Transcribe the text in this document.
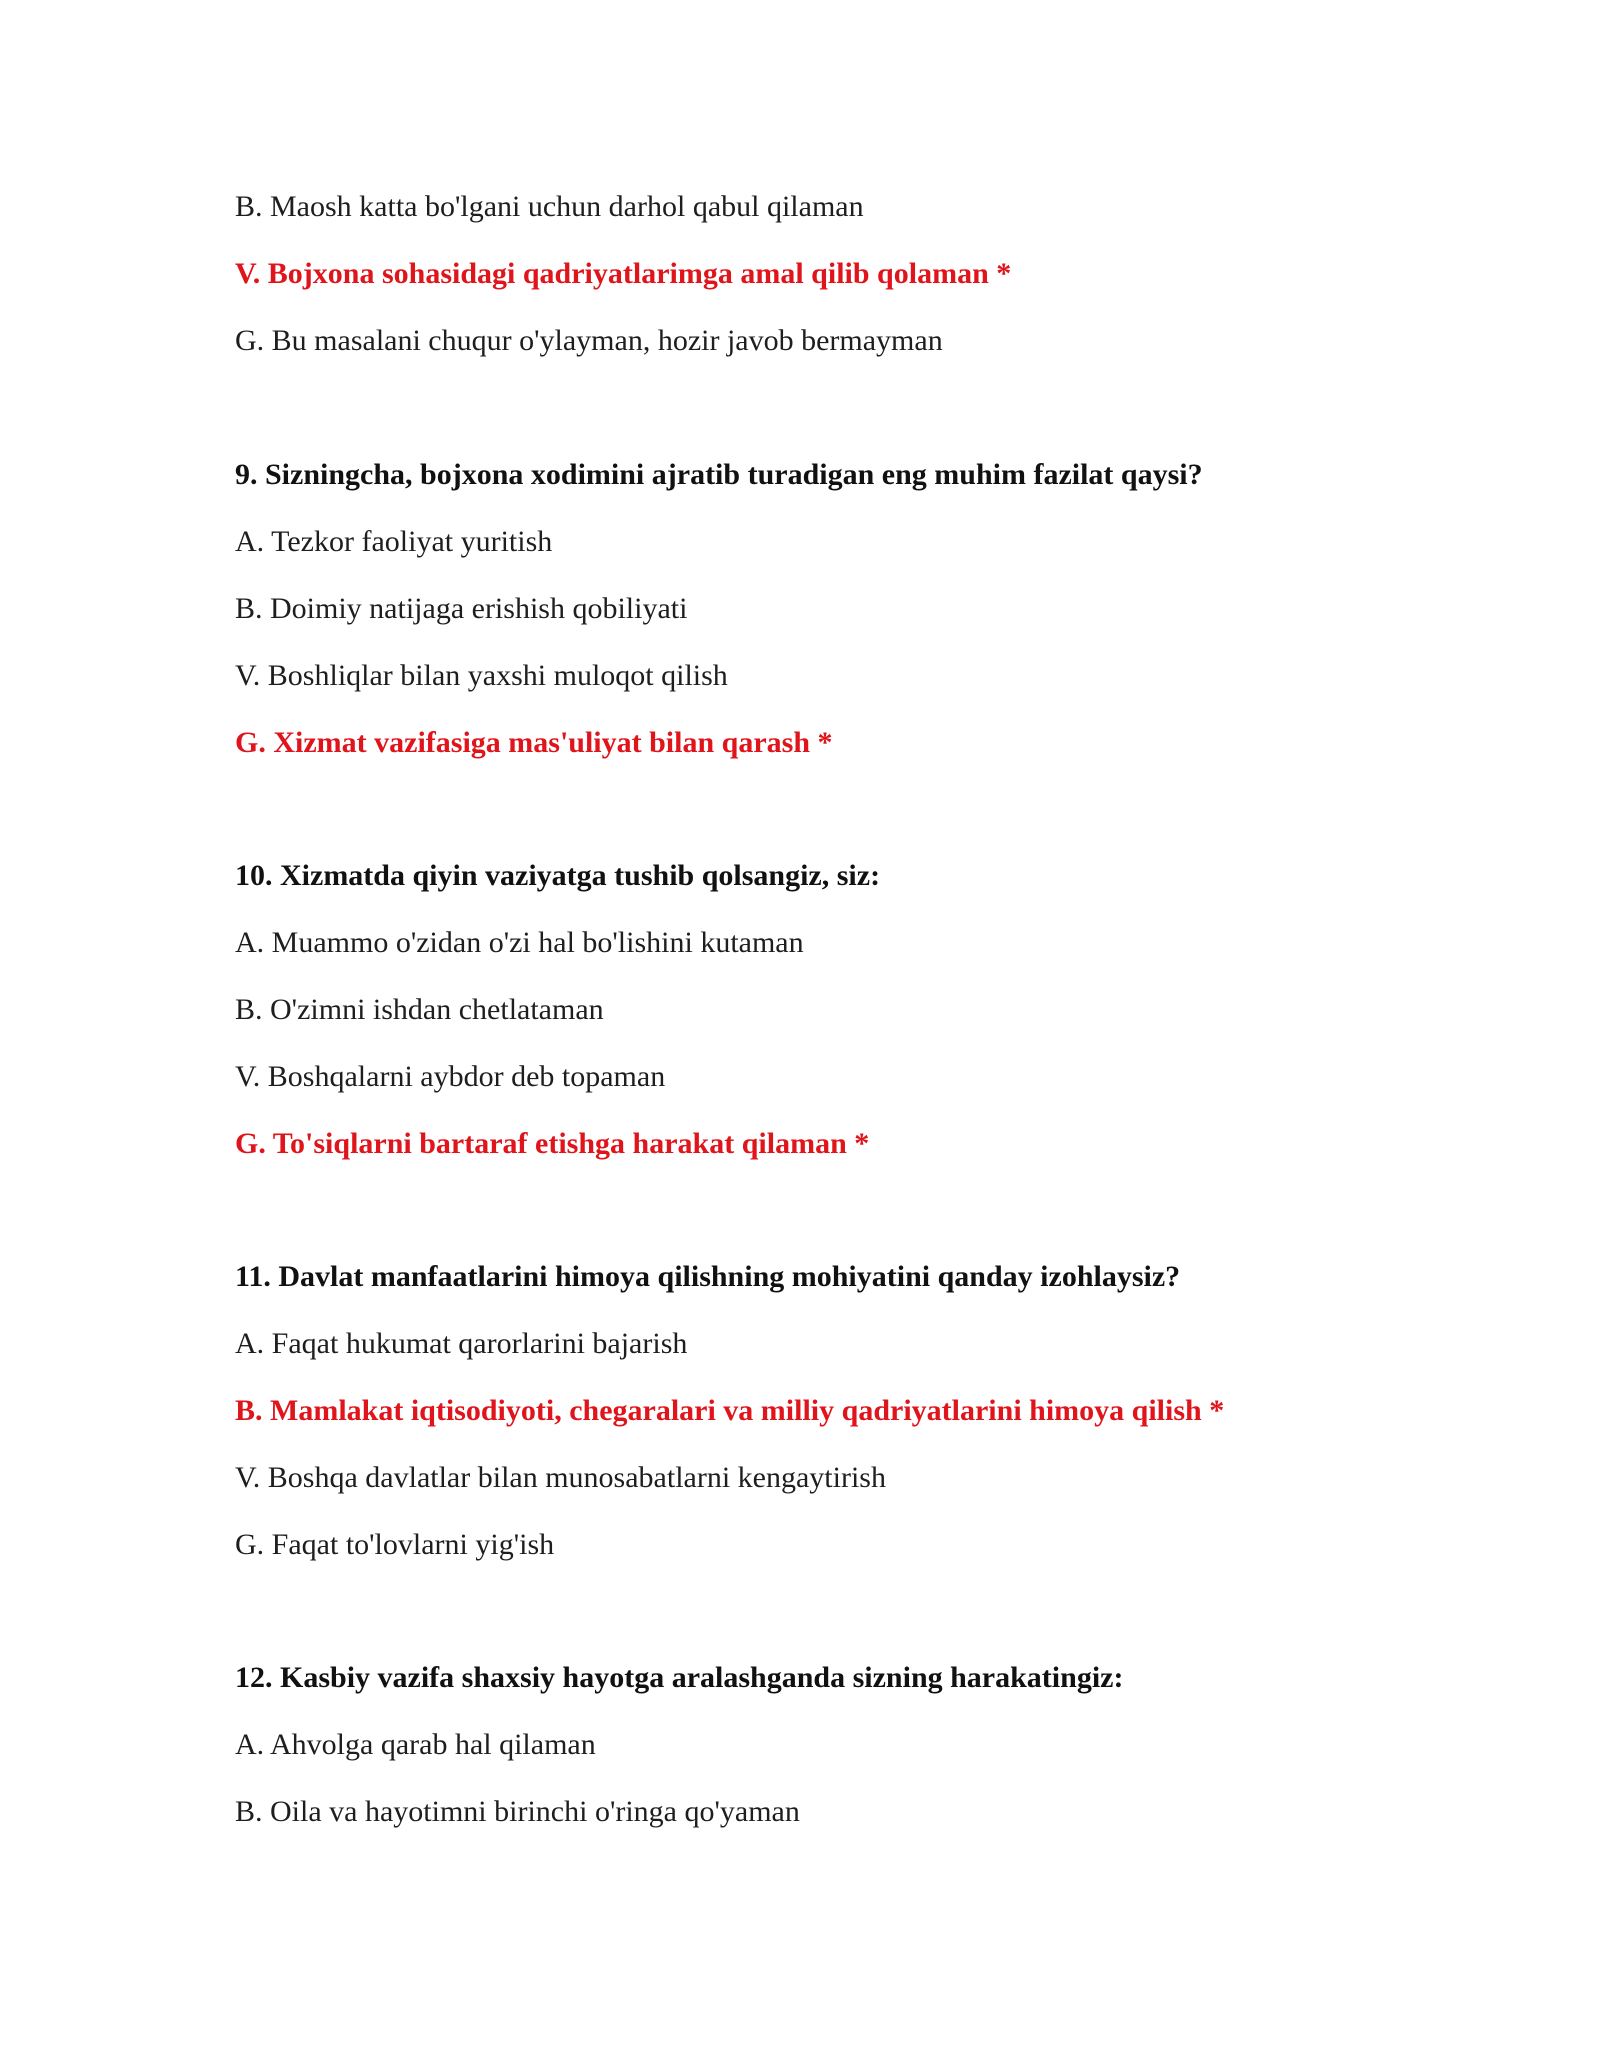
B. Maosh katta bo'lgani uchun darhol qabul qilaman
V. Bojxona sohasidagi qadriyatlarimga amal qilib qolaman *
G. Bu masalani chuqur o'ylayman, hozir javob bermayman
9. Sizningcha, bojxona xodimini ajratib turadigan eng muhim fazilat qaysi?
A. Tezkor faoliyat yuritish
B. Doimiy natijaga erishish qobiliyati
V. Boshliqlar bilan yaxshi muloqot qilish
G. Xizmat vazifasiga mas'uliyat bilan qarash *
10. Xizmatda qiyin vaziyatga tushib qolsangiz, siz:
A. Muammo o'zidan o'zi hal bo'lishini kutaman
B. O'zimni ishdan chetlataman
V. Boshqalarni aybdor deb topaman
G. To'siqlarni bartaraf etishga harakat qilaman *
11. Davlat manfaatlarini himoya qilishning mohiyatini qanday izohlaysiz?
A. Faqat hukumat qarorlarini bajarish
B. Mamlakat iqtisodiyoti, chegaralari va milliy qadriyatlarini himoya qilish *
V. Boshqa davlatlar bilan munosabatlarni kengaytirish
G. Faqat to'lovlarni yig'ish
12. Kasbiy vazifa shaxsiy hayotga aralashganda sizning harakatingiz:
A. Ahvolga qarab hal qilaman
B. Oila va hayotimni birinchi o'ringa qo'yaman
